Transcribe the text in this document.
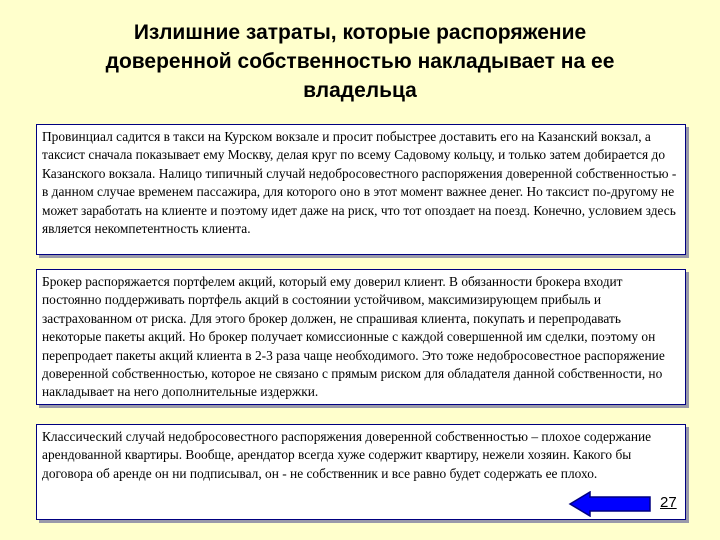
Излишние затраты, которые распоряжение
доверенной собственностью накладывает на ее
владельца
Провинциал садится в такси на Курском вокзале и просит побыстрее доставить его на Казанский вокзал, а таксист сначала показывает ему Москву, делая круг по всему Садовому кольцу, и только затем добирается до Казанского вокзала. Налицо типичный случай недобросовестного распоряжения доверенной собственностью - в данном случае временем пассажира, для которого оно в этот момент важнее денег. Но таксист по-другому не может заработать на клиенте и поэтому идет даже на риск, что тот опоздает на поезд. Конечно, условием здесь является некомпетентность клиента.
Брокер распоряжается портфелем акций, который ему доверил клиент. В обязанности брокера входит постоянно поддерживать портфель акций в состоянии устойчивом, максимизирующем прибыль и застрахованном от риска. Для этого брокер должен, не спрашивая клиента, покупать и перепродавать некоторые пакеты акций. Но брокер получает комиссионные с каждой совершенной им сделки, поэтому он перепродает пакеты акций клиента в 2-3 раза чаще необходимого. Это тоже недобросовестное распоряжение доверенной собственностью, которое не связано с прямым риском для обладателя данной собственности, но накладывает на него дополнительные издержки.
Классический случай недобросовестного распоряжения доверенной собственностью – плохое содержание арендованной квартиры. Вообще, арендатор всегда хуже содержит квартиру, нежели хозяин. Какого бы договора об аренде он ни подписывал, он - не собственник и все равно будет содержать ее плохо.
27
